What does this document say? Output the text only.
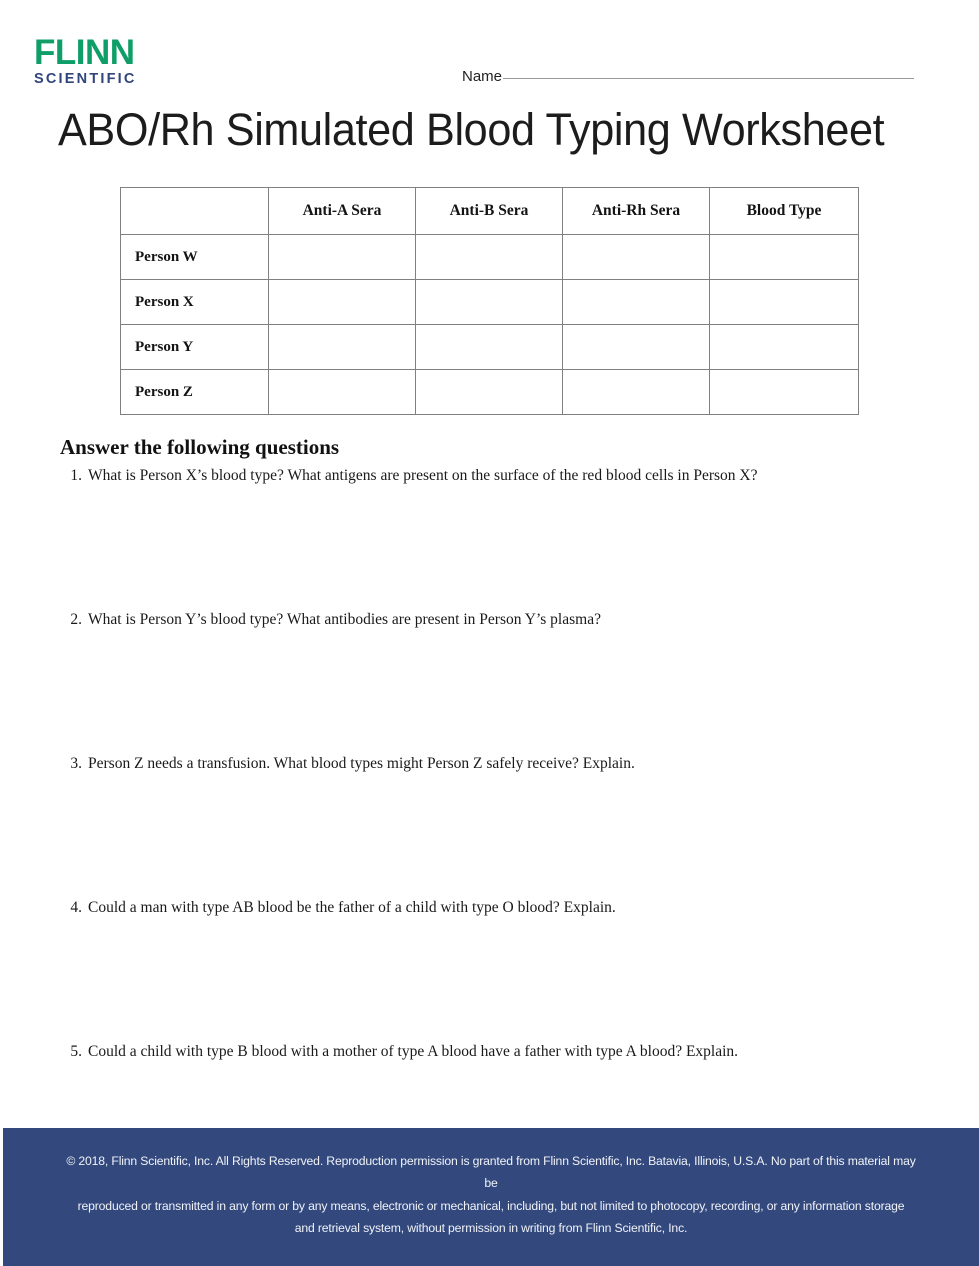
FLINN
SCIENTIFIC	Name
ABO/Rh Simulated Blood Typing Worksheet
	Anti-A Sera	Anti-B Sera	Anti-Rh Sera	Blood Type
Person W				
Person X				
Person Y				
Person Z				
Answer the following questions
1. What is Person X’s blood type? What antigens are present on the surface of the red blood cells in Person X?
2. What is Person Y’s blood type? What antibodies are present in Person Y’s plasma?
3. Person Z needs a transfusion. What blood types might Person Z safely receive? Explain.
4. Could a man with type AB blood be the father of a child with type O blood? Explain.
5. Could a child with type B blood with a mother of type A blood have a father with type A blood? Explain.
© 2018, Flinn Scientific, Inc. All Rights Reserved. Reproduction permission is granted from Flinn Scientific, Inc. Batavia, Illinois, U.S.A. No part of this material may be
reproduced or transmitted in any form or by any means, electronic or mechanical, including, but not limited to photocopy, recording, or any information storage
and retrieval system, without permission in writing from Flinn Scientific, Inc.
